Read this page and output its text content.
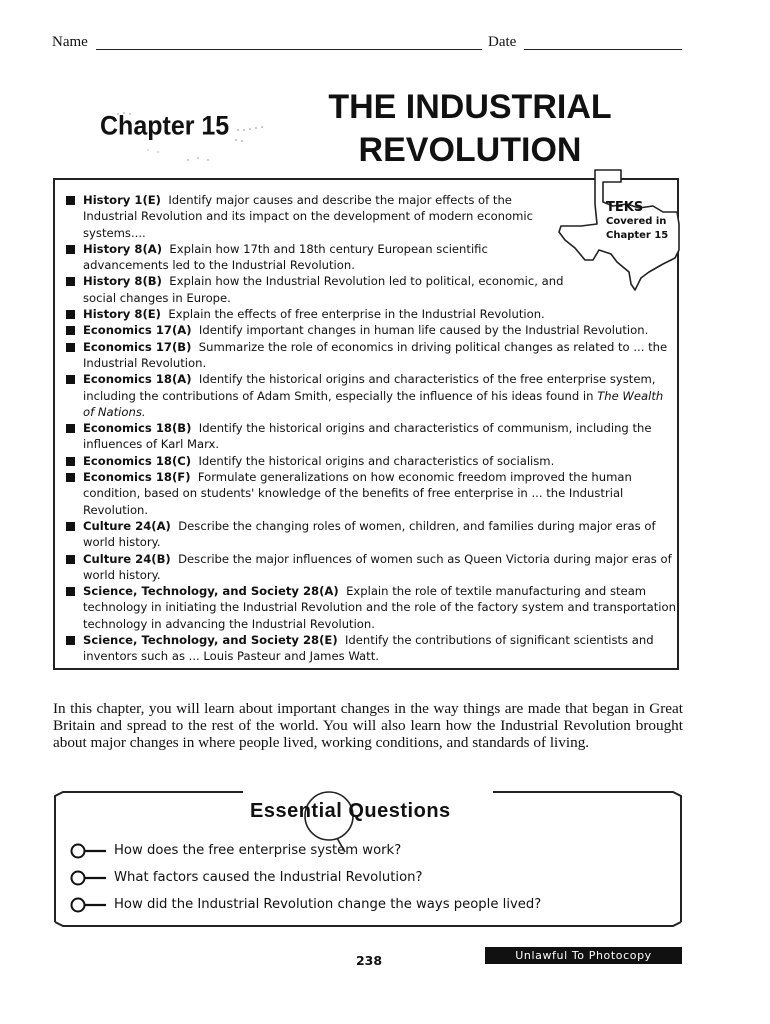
Name	Date
Chapter 15	THE INDUSTRIAL
REVOLUTION
TEKS
Covered in
Chapter 15
History 1(E) Identify major causes and describe the major effects of the Industrial Revolution and its impact on the development of modern economic systems....
History 8(A) Explain how 17th and 18th century European scientific advancements led to the Industrial Revolution.
History 8(B) Explain how the Industrial Revolution led to political, economic, and social changes in Europe.
History 8(E) Explain the effects of free enterprise in the Industrial Revolution.
Economics 17(A) Identify important changes in human life caused by the Industrial Revolution.
Economics 17(B) Summarize the role of economics in driving political changes as related to ... the Industrial Revolution.
Economics 18(A) Identify the historical origins and characteristics of the free enterprise system, including the contributions of Adam Smith, especially the influence of his ideas found in The Wealth of Nations.
Economics 18(B) Identify the historical origins and characteristics of communism, including the influences of Karl Marx.
Economics 18(C) Identify the historical origins and characteristics of socialism.
Economics 18(F) Formulate generalizations on how economic freedom improved the human condition, based on students' knowledge of the benefits of free enterprise in ... the Industrial Revolution.
Culture 24(A) Describe the changing roles of women, children, and families during major eras of world history.
Culture 24(B) Describe the major influences of women such as Queen Victoria during major eras of world history.
Science, Technology, and Society 28(A) Explain the role of textile manufacturing and steam technology in initiating the Industrial Revolution and the role of the factory system and transportation technology in advancing the Industrial Revolution.
Science, Technology, and Society 28(E) Identify the contributions of significant scientists and inventors such as ... Louis Pasteur and James Watt.

In this chapter, you will learn about important changes in the way things are made that began in Great Britain and spread to the rest of the world. You will also learn how the Industrial Revolution brought about major changes in where people lived, working conditions, and standards of living.

Essential Questions
How does the free enterprise system work?
What factors caused the Industrial Revolution?
How did the Industrial Revolution change the ways people lived?
238	Unlawful To Photocopy
